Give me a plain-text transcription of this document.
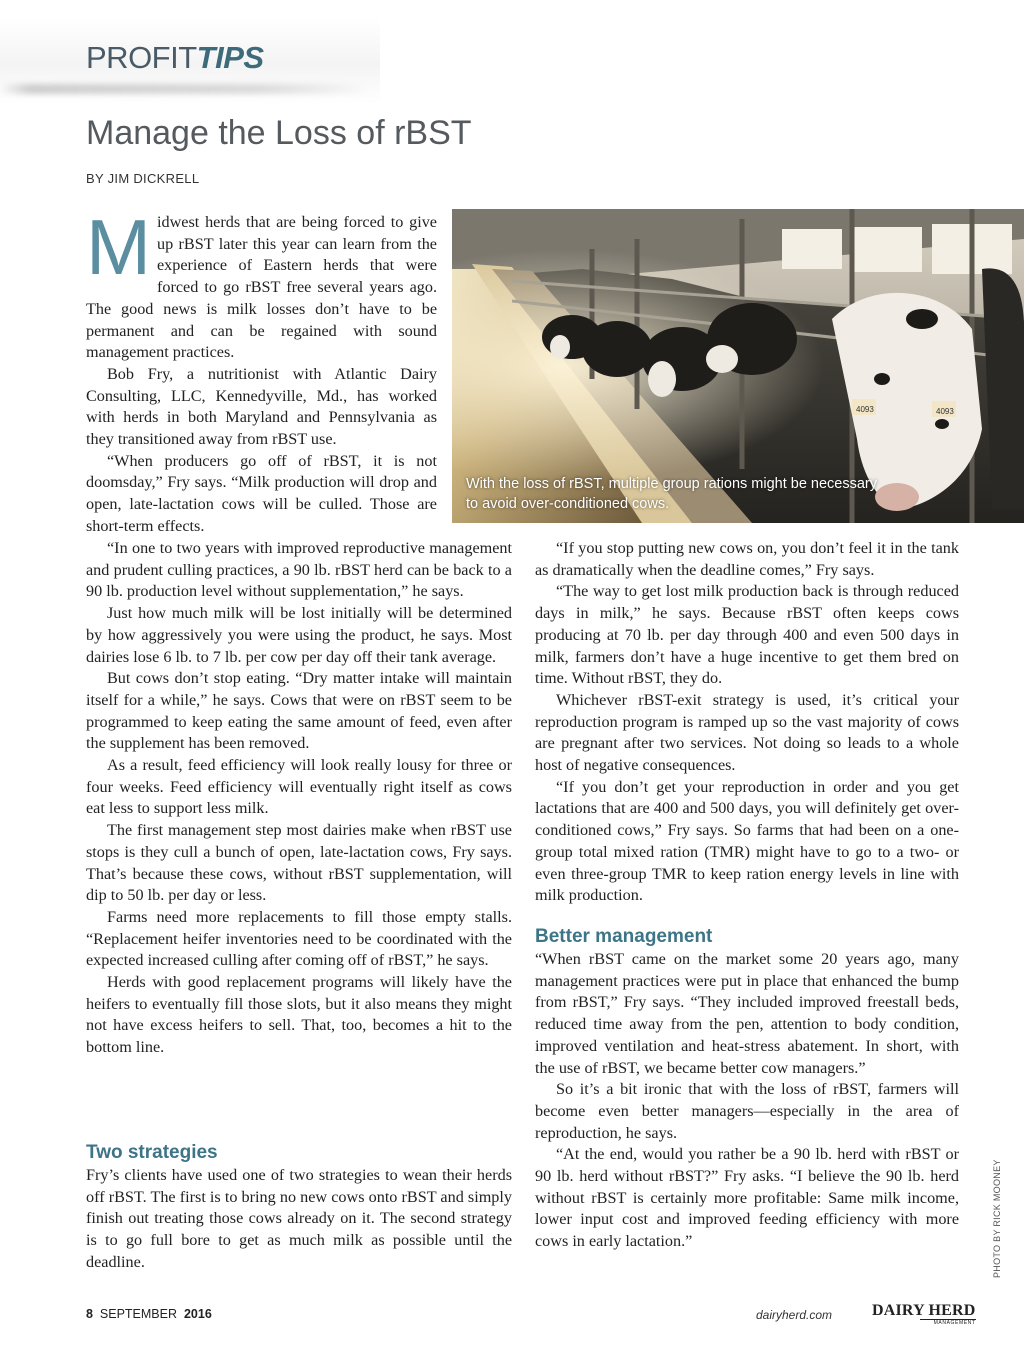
PROFITTIPS
Manage the Loss of rBST
BY JIM DICKRELL

Midwest herds that are being forced to give up rBST later this year can learn from the experience of Eastern herds that were forced to go rBST free several years ago. The good news is milk losses don’t have to be permanent and can be regained with sound management practices.

Bob Fry, a nutritionist with Atlantic Dairy Consulting, LLC, Kennedyville, Md., has worked with herds in both Maryland and Pennsylvania as they transitioned away from rBST use.

“When producers go off of rBST, it is not doomsday,” Fry says. “Milk production will drop and open, late-lactation cows will be culled. Those are short-term effects.

4093	4093
With the loss of rBST, multiple group rations might be necessary to avoid over-conditioned cows.

“In one to two years with improved reproductive management and prudent culling practices, a 90 lb. rBST herd can be back to a 90 lb. production level without supplementation,” he says.

Just how much milk will be lost initially will be determined by how aggressively you were using the product, he says. Most dairies lose 6 lb. to 7 lb. per cow per day off their tank average.

But cows don’t stop eating. “Dry matter intake will maintain itself for a while,” he says. Cows that were on rBST seem to be programmed to keep eating the same amount of feed, even after the supplement has been removed.

As a result, feed efficiency will look really lousy for three or four weeks. Feed efficiency will eventually right itself as cows eat less to support less milk.

The first management step most dairies make when rBST use stops is they cull a bunch of open, late-lactation cows, Fry says. That’s because these cows, without rBST supplementation, will dip to 50 lb. per day or less.

Farms need more replacements to fill those empty stalls. “Replacement heifer inventories need to be coordinated with the expected increased culling after coming off of rBST,” he says.

Herds with good replacement programs will likely have the heifers to eventually fill those slots, but it also means they might not have excess heifers to sell. That, too, becomes a hit to the bottom line.

Two strategies

Fry’s clients have used one of two strategies to wean their herds off rBST. The first is to bring no new cows onto rBST and simply finish out treating those cows already on it. The second strategy is to go full bore to get as much milk as possible until the deadline.

“If you stop putting new cows on, you don’t feel it in the tank as dramatically when the deadline comes,” Fry says.

“The way to get lost milk production back is through reduced days in milk,” he says. Because rBST often keeps cows producing at 70 lb. per day through 400 and even 500 days in milk, farmers don’t have a huge incentive to get them bred on time. Without rBST, they do.

Whichever rBST-exit strategy is used, it’s critical your reproduction program is ramped up so the vast majority of cows are pregnant after two services. Not doing so leads to a whole host of negative consequences.

“If you don’t get your reproduction in order and you get lactations that are 400 and 500 days, you will definitely get over-conditioned cows,” Fry says. So farms that had been on a one-group total mixed ration (TMR) might have to go to a two- or even three-group TMR to keep ration energy levels in line with milk production.

Better management

“When rBST came on the market some 20 years ago, many management practices were put in place that enhanced the bump from rBST,” Fry says. “They included improved freestall beds, reduced time away from the pen, attention to body condition, improved ventilation and heat-stress abatement. In short, with the use of rBST, we became better cow managers.”

So it’s a bit ironic that with the loss of rBST, farmers will become even better managers—especially in the area of reproduction, he says.

“At the end, would you rather be a 90 lb. herd with rBST or 90 lb. herd without rBST?” Fry asks. “I believe the 90 lb. herd without rBST is certainly more profitable: Same milk income, lower input cost and improved feeding efficiency with more cows in early lactation.”	PHOTO BY RICK MOONEY
8 SEPTEMBER 2016	dairyherd.com DAIRY HERD
MANAGEMENT
